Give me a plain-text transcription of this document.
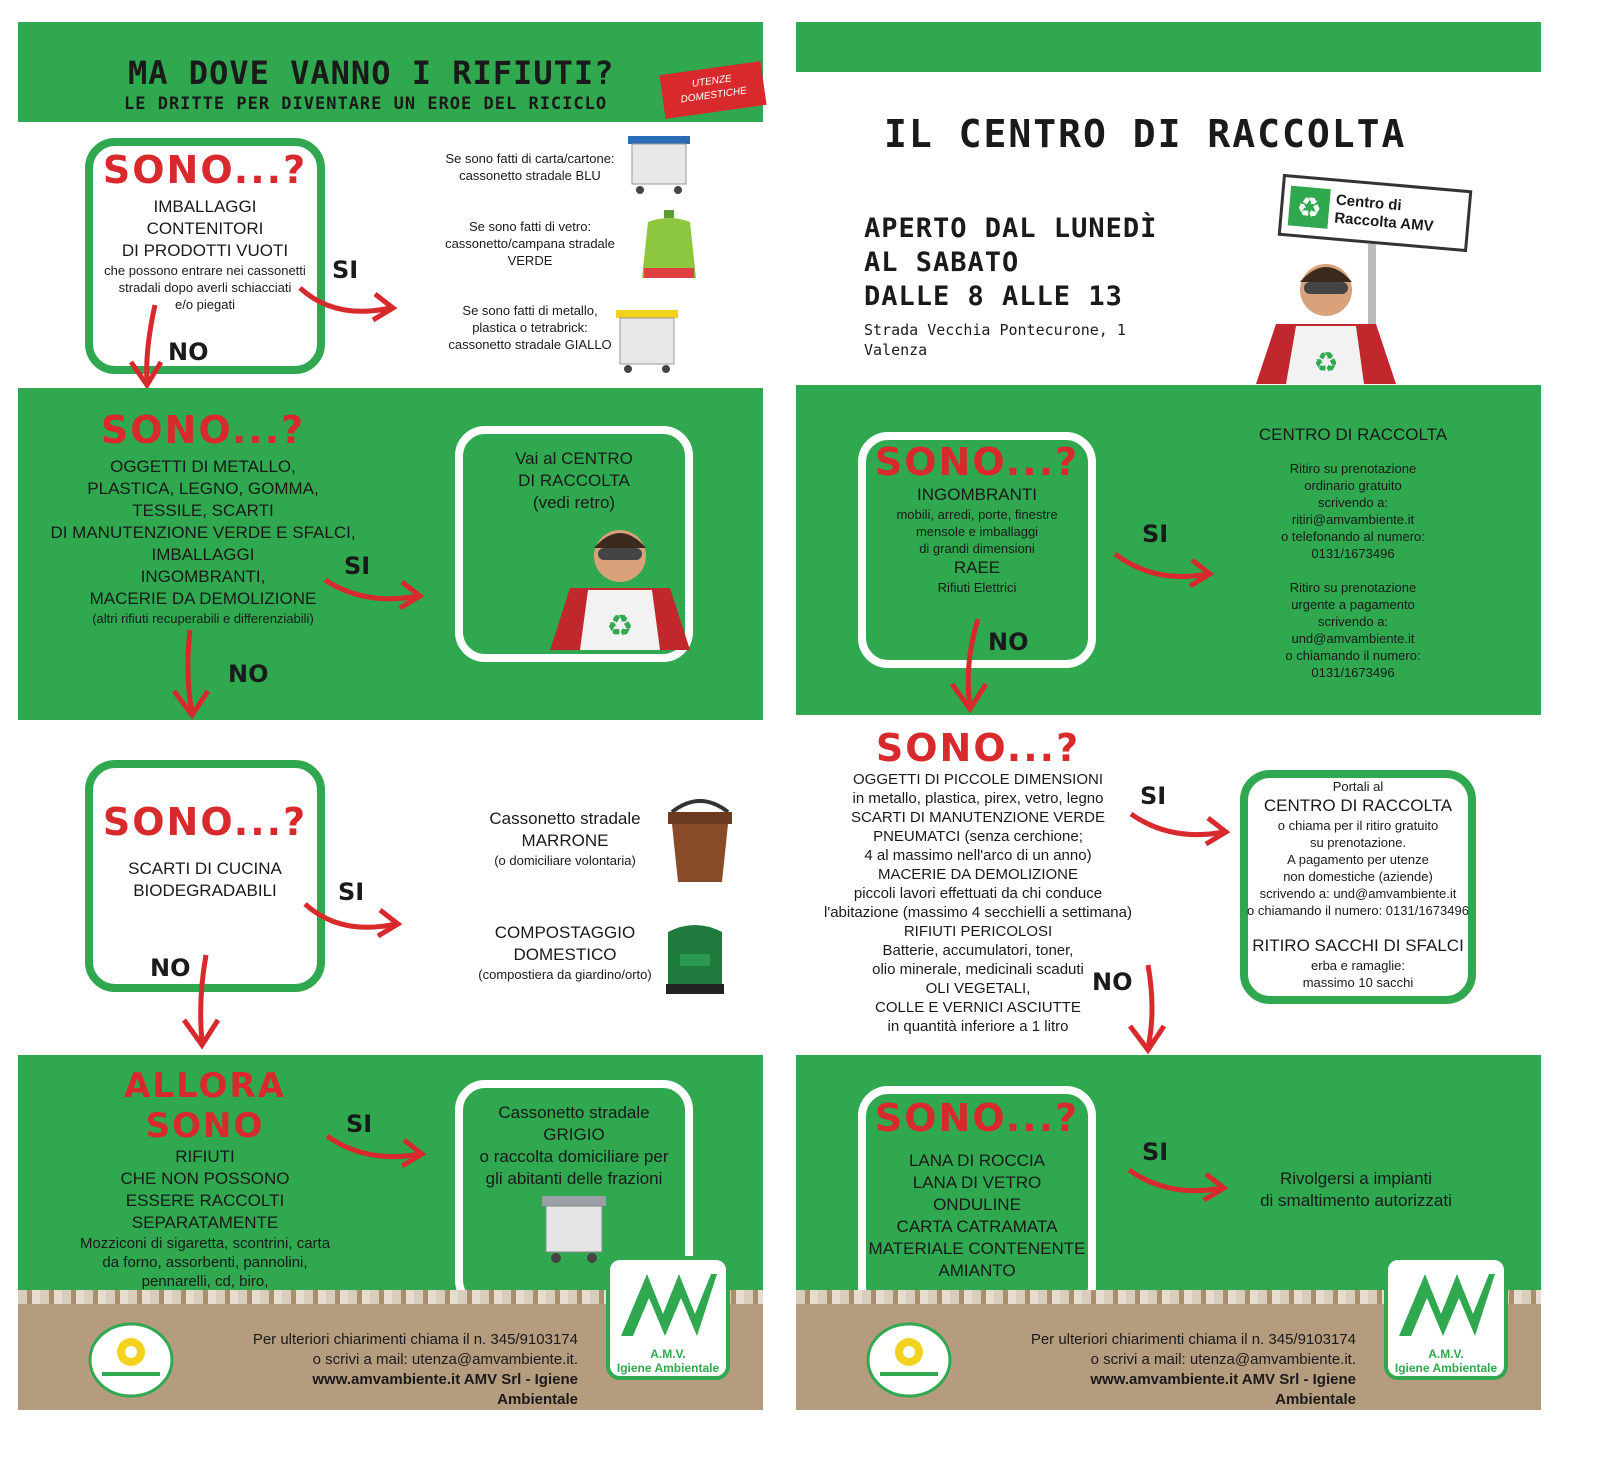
MA DOVE VANNO I RIFIUTI?
LE DRITTE PER DIVENTARE UN EROE DEL RICICLO
UTENZE
DOMESTICHE
SONO...?
IMBALLAGGI
CONTENITORI
DI PRODOTTI VUOTI
che possono entrare nei cassonetti
stradali dopo averli schiacciati
e/o piegati
SI
NO
Se sono fatti di carta/cartone:
cassonetto stradale BLU
Se sono fatti di vetro:
cassonetto/campana stradale
VERDE
Se sono fatti di metallo,
plastica o tetrabrick:
cassonetto stradale GIALLO
SONO...?
OGGETTI DI METALLO,
PLASTICA, LEGNO, GOMMA,
TESSILE, SCARTI
DI MANUTENZIONE VERDE E SFALCI,
IMBALLAGGI
INGOMBRANTI,
MACERIE DA DEMOLIZIONE
(altri rifiuti recuperabili e differenziabili)
SI
NO
Vai al CENTRO
DI RACCOLTA
(vedi retro)
♻
SONO...?
SCARTI DI CUCINA
BIODEGRADABILI	SI
NO
Cassonetto stradale
MARRONE
(o domiciliare volontaria)
COMPOSTAGGIO
DOMESTICO
(compostiera da giardino/orto)
ALLORA SONO
RIFIUTI
CHE NON POSSONO
ESSERE RACCOLTI
SEPARATAMENTE
Mozziconi di sigaretta, scontrini, carta
da forno, assorbenti, pannolini,
pennarelli, cd, biro,
SI	Cassonetto stradale
GRIGIO
o raccolta domiciliare per
gli abitanti delle frazioni
Per ulteriori chiarimenti chiama il n. 345/9103174
o scrivi a mail: utenza@amvambiente.it.
www.amvambiente.it AMV Srl - Igiene Ambientale
A.M.V.
Igiene Ambientale
IL CENTRO DI RACCOLTA
APERTO DAL LUNEDÌ
AL SABATO
DALLE 8 ALLE 13
Strada Vecchia Pontecurone, 1
Valenza
♻ Centro di
Raccolta AMV
♻
SONO...?
INGOMBRANTI
mobili, arredi, porte, finestre
mensole e imballaggi
di grandi dimensioni
RAEE
Rifiuti Elettrici
SI
NO
CENTRO DI RACCOLTA
Ritiro su prenotazione
ordinario gratuito
scrivendo a:
ritiri@amvambiente.it
o telefonando al numero:
0131/1673496
Ritiro su prenotazione
urgente a pagamento
scrivendo a:
und@amvambiente.it
o chiamando il numero:
0131/1673496
SONO...?
OGGETTI DI PICCOLE DIMENSIONI
in metallo, plastica, pirex, vetro, legno
SCARTI DI MANUTENZIONE VERDE
PNEUMATCI (senza cerchione;
4 al massimo nell'arco di un anno)
MACERIE DA DEMOLIZIONE
piccoli lavori effettuati da chi conduce
l'abitazione (massimo 4 secchielli a settimana)
RIFIUTI PERICOLOSI
Batterie, accumulatori, toner,
olio minerale, medicinali scaduti
OLI VEGETALI,
COLLE E VERNICI ASCIUTTE
in quantità inferiore a 1 litro
SI
NO
Portali al
CENTRO DI RACCOLTA
o chiama per il ritiro gratuito
su prenotazione.
A pagamento per utenze
non domestiche (aziende)
scrivendo a: und@amvambiente.it
o chiamando il numero: 0131/1673496
RITIRO SACCHI DI SFALCI
erba e ramaglie:
massimo 10 sacchi
SONO...?
LANA DI ROCCIA
LANA DI VETRO
ONDULINE
CARTA CATRAMATA
MATERIALE CONTENENTE
AMIANTO
SI
Rivolgersi a impianti
di smaltimento autorizzati
Per ulteriori chiarimenti chiama il n. 345/9103174
o scrivi a mail: utenza@amvambiente.it.
www.amvambiente.it AMV Srl - Igiene Ambientale
A.M.V.
Igiene Ambientale
